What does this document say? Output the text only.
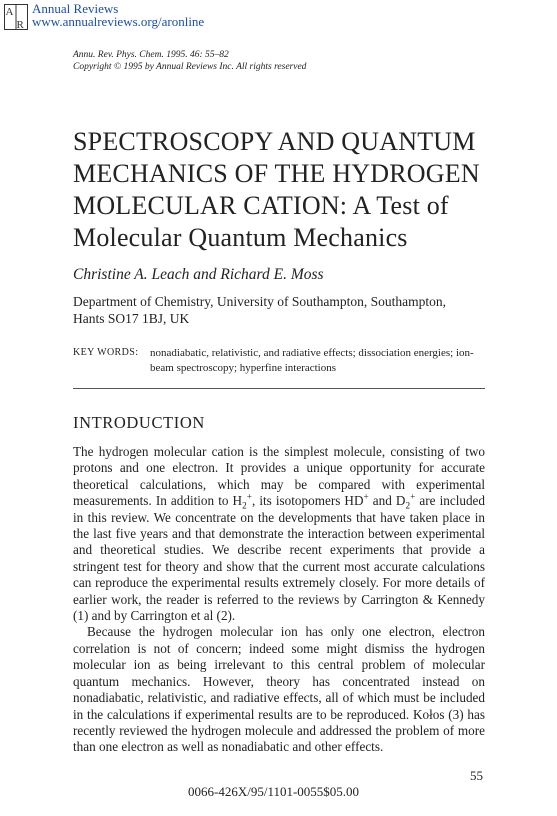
A
R
Annual Reviews
www.annualreviews.org/aronline
Annu. Rev. Phys. Chem. 1995. 46: 55–82
Copyright © 1995 by Annual Reviews Inc. All rights reserved
SPECTROSCOPY AND QUANTUM
MECHANICS OF THE HYDROGEN
MOLECULAR CATION: A Test of
Molecular Quantum Mechanics
Christine A. Leach and Richard E. Moss
Department of Chemistry, University of Southampton, Southampton,
Hants SO17 1BJ, UK
KEY WORDS: nonadiabatic, relativistic, and radiative effects; dissociation energies; ion-beam spectroscopy; hyperfine interactions
INTRODUCTION

The hydrogen molecular cation is the simplest molecule, consisting of two protons and one electron. It provides a unique opportunity for accurate theoretical calculations, which may be compared with experimental measurements. In addition to $H_2^+$, its isotopomers HD+ and $D_2^+$ are included in this review. We concentrate on the developments that have taken place in the last five years and that demonstrate the interaction between experimental and theoretical studies. We describe recent experiments that provide a stringent test for theory and show that the current most accurate calculations can reproduce the experimental results extremely closely. For more details of earlier work, the reader is referred to the reviews by Carrington & Kennedy (1) and by Carrington et al (2).

Because the hydrogen molecular ion has only one electron, electron correlation is not of concern; indeed some might dismiss the hydrogen molecular ion as being irrelevant to this central problem of molecular quantum mechanics. However, theory has concentrated instead on nonadiabatic, relativistic, and radiative effects, all of which must be included in the calculations if experimental results are to be reproduced. Kołos (3) has recently reviewed the hydrogen molecule and addressed the problem of more than one electron as well as nonadiabatic and other effects.

55
0066-426X/95/1101-0055$05.00
